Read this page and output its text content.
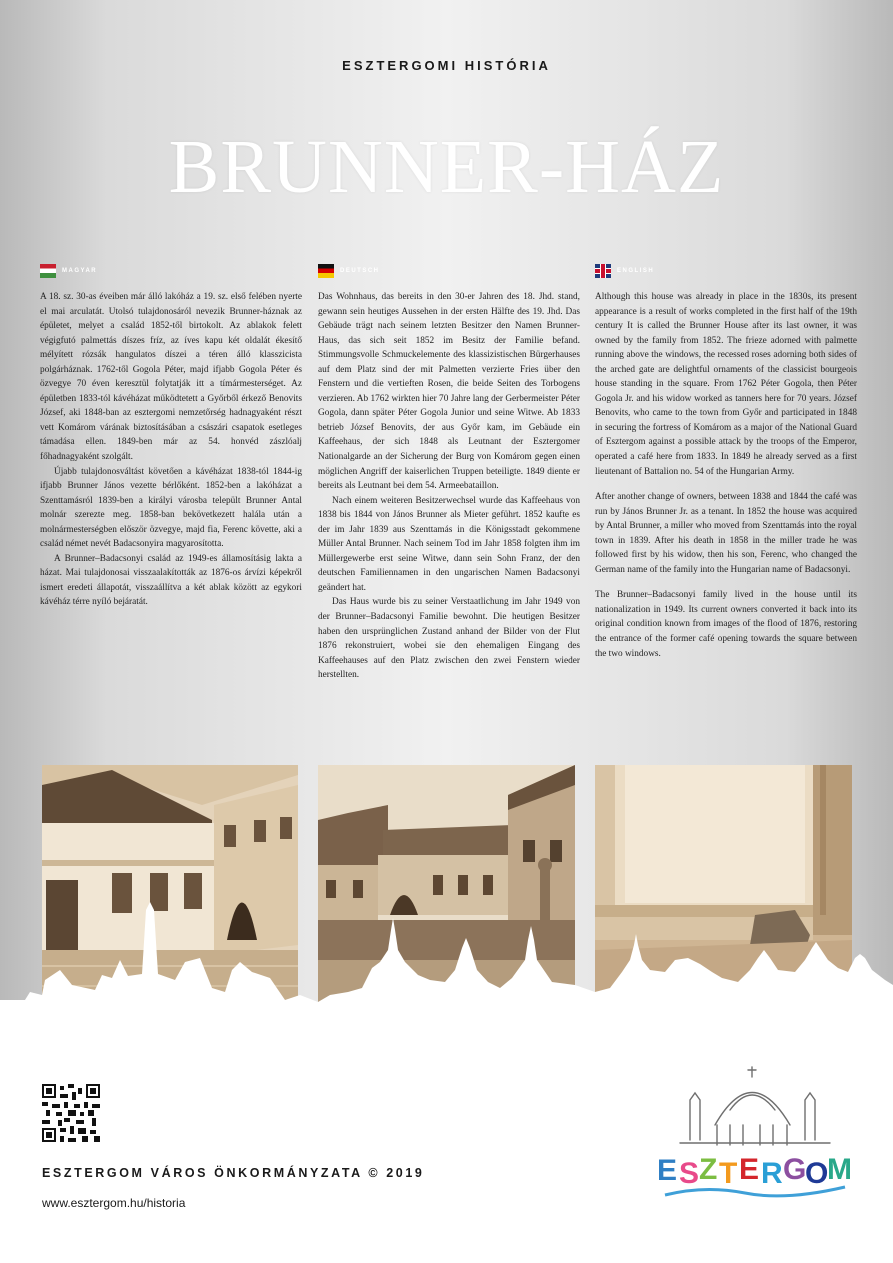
ESZTERGOMI HISTÓRIA
BRUNNER-HÁZ
MAGYAR

A 18. sz. 30-as éveiben már álló lakóház a 19. sz. első felében nyerte el mai arculatát. Utolsó tulajdonosáról nevezik Brunner-háznak az épületet, melyet a család 1852-től birtokolt. Az ablakok felett végigfutó palmettás díszes fríz, az íves kapu két oldalát ékesítő mélyített rózsák hangulatos díszei a téren álló klasszicista polgárháznak. 1762-től Gogola Péter, majd ifjabb Gogola Péter és özvegye 70 éven keresztül folytatják itt a tímármesterséget. Az épületben 1833-tól kávéházat működtetett a Győrből érkező Benovits József, aki 1848-ban az esztergomi nemzetőrség hadnagyaként részt vett Komárom várának biztosításában a császári csapatok esetleges támadása ellen. 1849-ben már az 54. honvéd zászlóalj főhadnagyaként szolgált.

Újabb tulajdonosváltást követően a kávéházat 1838-tól 1844-ig ifjabb Brunner János vezette bérlőként. 1852-ben a lakóházat a Szenttamásról 1839-ben a királyi városba települt Brunner Antal molnár szerezte meg. 1858-ban bekövetkezett halála után a molnármesterségben először özvegye, majd fia, Ferenc követte, aki a család német nevét Badacsonyira magyarosította.

A Brunner–Badacsonyi család az 1949-es államosításig lakta a házat. Mai tulajdonosai visszaalakították az 1876-os árvízi képekről ismert eredeti állapotát, visszaállítva a két ablak között az egykori kávéház térre nyíló bejáratát.

DEUTSCH

Das Wohnhaus, das bereits in den 30-er Jahren des 18. Jhd. stand, gewann sein heutiges Aussehen in der ersten Hälfte des 19. Jhd. Das Gebäude trägt nach seinem letzten Besitzer den Namen Brunner-Haus, das sich seit 1852 im Besitz der Familie befand. Stimmungsvolle Schmuckelemente des klassizistischen Bürgerhauses auf dem Platz sind der mit Palmetten verzierte Fries über den Fenstern und die vertieften Rosen, die beide Seiten des Torbogens verzieren. Ab 1762 wirkten hier 70 Jahre lang der Gerbermeister Péter Gogola, dann später Péter Gogola Junior und seine Witwe. Ab 1833 betrieb József Benovits, der aus Győr kam, im Gebäude ein Kaffeehaus, der sich 1848 als Leutnant der Esztergomer Nationalgarde an der Sicherung der Burg von Komárom gegen einen möglichen Angriff der kaiserlichen Truppen beteiligte. 1849 diente er bereits als Leutnant bei dem 54. Armeebataillon.

Nach einem weiteren Besitzerwechsel wurde das Kaffeehaus von 1838 bis 1844 von János Brunner als Mieter geführt. 1852 kaufte es der im Jahr 1839 aus Szenttamás in die Königsstadt gekommene Müller Antal Brunner. Nach seinem Tod im Jahr 1858 folgten ihm im Müllergewerbe erst seine Witwe, dann sein Sohn Franz, der den deutschen Familiennamen in den ungarischen Namen Badacsonyi geändert hat.

Das Haus wurde bis zu seiner Verstaatlichung im Jahr 1949 von der Brunner–Badacsonyi Familie bewohnt. Die heutigen Besitzer haben den ursprünglichen Zustand anhand der Bilder von der Flut 1876 rekonstruiert, wobei sie den ehemaligen Eingang des Kaffeehauses auf den Platz zwischen den zwei Fenstern wieder herstellten.

ENGLISH

Although this house was already in place in the 1830s, its present appearance is a result of works completed in the first half of the 19th century It is called the Brunner House after its last owner, it was owned by the family from 1852. The frieze adorned with palmette running above the windows, the recessed roses adorning both sides of the arched gate are delightful ornaments of the classicist bourgeois house standing in the square. From 1762 Péter Gogola, then Péter Gogola Jr. and his widow worked as tanners here for 70 years. József Benovits, who came to the town from Győr and participated in 1848 in securing the fortress of Komárom as a major of the National Guard of Esztergom against a possible attack by the troops of the Emperor, operated a café here from 1833. In 1849 he already served as a first lieutenant of Battalion no. 54 of the Hungarian Army.

After another change of owners, between 1838 and 1844 the café was run by János Brunner Jr. as a tenant. In 1852 the house was acquired by Antal Brunner, a miller who moved from Szenttamás into the royal town in 1839. After his death in 1858 in the miller trade he was followed first by his widow, then his son, Ferenc, who changed the German name of the family into the Hungarian name of Badacsonyi.

The Brunner–Badacsonyi family lived in the house until its nationalization in 1949. Its current owners converted it back into its original condition known from images of the flood of 1876, restoring the entrance of the former café opening towards the square between the two windows.

ESZTERGOM VÁROS ÖNKORMÁNYZATA © 2019
www.esztergom.hu/historia
E S Z T E R G
O
M
